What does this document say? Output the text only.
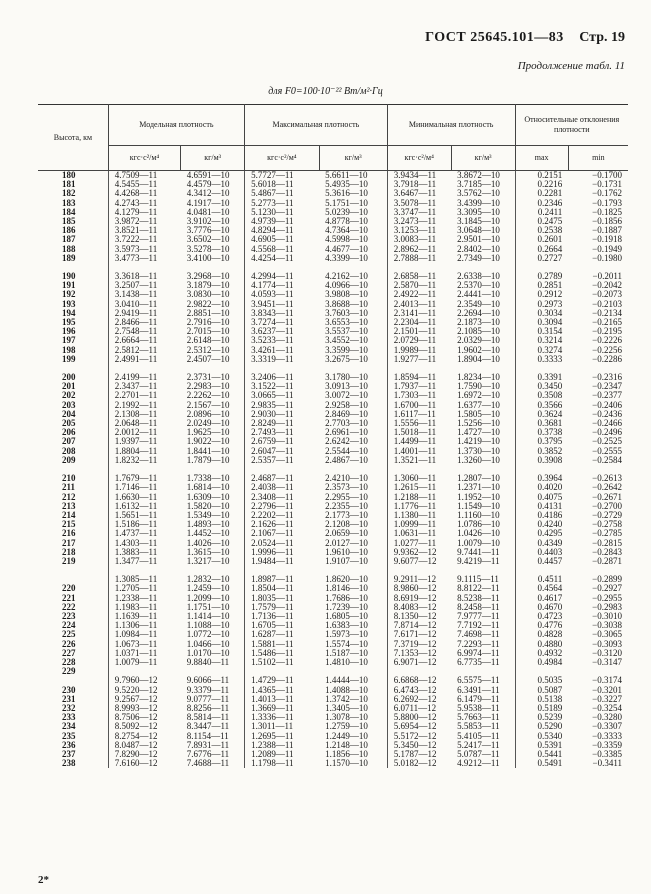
ГОСТ 25645.101—83 Стр. 19
Продолжение табл. 11
для F0=100·10⁻²² Вт/м²·Гц
Высота, км	Модельная плотность		Максимальная плотность		Минимальная плотность		Относительные отклонения плотности	
	кгс·с²/м⁴	кг/м³	кгс·с²/м⁴	кг/м³	кгс·с²/м⁴	кг/м³	max	min
180	4.7509—11	4.6591—10	5.7727—11	5.6611—10	3.9434—11	3.8672—10	0.2151	−0.1700
181	4.5455—11	4.4579—10	5.6018—11	5.4935—10	3.7918—11	3.7185—10	0.2216	−0.1731
182	4.4268—11	4.3412—10	5.4867—11	5.3616—10	3.6467—11	3.5762—10	0.2281	−0.1762
183	4.2743—11	4.1917—10	5.2773—11	5.1751—10	3.5078—11	3.4399—10	0.2346	−0.1793
184	4.1279—11	4.0481—10	5.1230—11	5.0239—10	3.3747—11	3.3095—10	0.2411	−0.1825
185	3.9872—11	3.9102—10	4.9739—11	4.8778—10	3.2473—11	3.1845—10	0.2475	−0.1856
186	3.8521—11	3.7776—10	4.8294—11	4.7364—10	3.1253—11	3.0648—10	0.2538	−0.1887
187	3.7222—11	3.6502—10	4.6905—11	4.5998—10	3.0083—11	2.9501—10	0.2601	−0.1918
188	3.5973—11	3.5278—10	4.5568—11	4.4677—10	2.8962—11	2.8402—10	0.2664	−0.1949
189	3.4773—11	3.4100—10	4.4254—11	4.3399—10	2.7888—11	2.7349—10	0.2727	−0.1980

190	3.3618—11	3.2968—10	4.2994—11	4.2162—10	2.6858—11	2.6338—10	0.2789	−0.2011
191	3.2507—11	3.1879—10	4.1774—11	4.0966—10	2.5870—11	2.5370—10	0.2851	−0.2042
192	3.1438—11	3.0830—10	4.0593—11	3.9808—10	2.4922—11	2.4441—10	0.2912	−0.2073
193	3.0410—11	2.9822—10	3.9451—11	3.8688—10	2.4013—11	2.3549—10	0.2973	−0.2103
194	2.9419—11	2.8851—10	3.8343—11	3.7603—10	2.3141—11	2.2694—10	0.3034	−0.2134
195	2.8466—11	2.7916—10	3.7274—11	3.6553—10	2.2304—11	2.1873—10	0.3094	−0.2165
196	2.7548—11	2.7015—10	3.6237—11	3.5537—10	2.1501—11	2.1085—10	0.3154	−0.2195
197	2.6664—11	2.6148—10	3.5233—11	3.4552—10	2.0729—11	2.0329—10	0.3214	−0.2226
198	2.5812—11	2.5312—10	3.4261—11	3.3599—10	1.9989—11	1.9602—10	0.3274	−0.2256
199	2.4991—11	2.4507—10	3.3319—11	3.2675—10	1.9277—11	1.8904—10	0.3333	−0.2286

200	2.4199—11	2.3731—10	3.2406—11	3.1780—10	1.8594—11	1.8234—10	0.3391	−0.2316
201	2.3437—11	2.2983—10	3.1522—11	3.0913—10	1.7937—11	1.7590—10	0.3450	−0.2347
202	2.2701—11	2.2262—10	3.0665—11	3.0072—10	1.7303—11	1.6972—10	0.3508	−0.2377
203	2.1992—11	2.1567—10	2.9835—11	2.9258—10	1.6700—11	1.6377—10	0.3566	−0.2406
204	2.1308—11	2.0896—10	2.9030—11	2.8469—10	1.6117—11	1.5805—10	0.3624	−0.2436
205	2.0648—11	2.0249—10	2.8249—11	2.7703—10	1.5556—11	1.5256—10	0.3681	−0.2466
206	2.0012—11	1.9625—10	2.7493—11	2.6961—10	1.5018—11	1.4727—10	0.3738	−0.2496
207	1.9397—11	1.9022—10	2.6759—11	2.6242—10	1.4499—11	1.4219—10	0.3795	−0.2525
208	1.8804—11	1.8441—10	2.6047—11	2.5544—10	1.4001—11	1.3730—10	0.3852	−0.2555
209	1.8232—11	1.7879—10	2.5357—11	2.4867—10	1.3521—11	1.3260—10	0.3908	−0.2584

210	1.7679—11	1.7338—10	2.4687—11	2.4210—10	1.3060—11	1.2807—10	0.3964	−0.2613
211	1.7146—11	1.6814—10	2.4038—11	2.3573—10	1.2615—11	1.2371—10	0.4020	−0.2642
212	1.6630—11	1.6309—10	2.3408—11	2.2955—10	1.2188—11	1.1952—10	0.4075	−0.2671
213	1.6132—11	1.5820—10	2.2796—11	2.2355—10	1.1776—11	1.1549—10	0.4131	−0.2700
214	1.5651—11	1.5349—10	2.2202—11	2.1773—10	1.1380—11	1.1160—10	0.4186	−0.2729
215	1.5186—11	1.4893—10	2.1626—11	2.1208—10	1.0999—11	1.0786—10	0.4240	−0.2758
216	1.4737—11	1.4452—10	2.1067—11	2.0659—10	1.0631—11	1.0426—10	0.4295	−0.2785
217	1.4303—11	1.4026—10	2.0524—11	2.0127—10	1.0277—11	1.0079—10	0.4349	−0.2815
218	1.3883—11	1.3615—10	1.9996—11	1.9610—10	9.9362—12	9.7441—11	0.4403	−0.2843
219	1.3477—11	1.3217—10	1.9484—11	1.9107—10	9.6077—12	9.4219—11	0.4457	−0.2871

	1.3085—11	1.2832—10	1.8987—11	1.8620—10	9.2911—12	9.1115—11	0.4511	−0.2899
220	1.2705—11	1.2459—10	1.8504—11	1.8146—10	8.9860—12	8.8122—11	0.4564	−0.2927
221	1.2338—11	1.2099—10	1.8035—11	1.7686—10	8.6919—12	8.5238—11	0.4617	−0.2955
222	1.1983—11	1.1751—10	1.7579—11	1.7239—10	8.4083—12	8.2458—11	0.4670	−0.2983
223	1.1639—11	1.1414—10	1.7136—11	1.6805—10	8.1350—12	7.9777—11	0.4723	−0.3010
224	1.1306—11	1.1088—10	1.6705—11	1.6383—10	7.8714—12	7.7192—11	0.4776	−0.3038
225	1.0984—11	1.0772—10	1.6287—11	1.5973—10	7.6171—12	7.4698—11	0.4828	−0.3065
226	1.0673—11	1.0466—10	1.5881—11	1.5574—10	7.3719—12	7.2293—11	0.4880	−0.3093
227	1.0371—11	1.0170—10	1.5486—11	1.5187—10	7.1353—12	6.9974—11	0.4932	−0.3120
228	1.0079—11	9.8840—11	1.5102—11	1.4810—10	6.9071—12	6.7735—11	0.4984	−0.3147
229								
	9.7960—12	9.6066—11	1.4729—11	1.4444—10	6.6868—12	6.5575—11	0.5035	−0.3174
230	9.5220—12	9.3379—11	1.4365—11	1.4088—10	6.4743—12	6.3491—11	0.5087	−0.3201
231	9.2567—12	9.0777—11	1.4013—11	1.3742—10	6.2692—12	6.1479—11	0.5138	−0.3227
232	8.9993—12	8.8256—11	1.3669—11	1.3405—10	6.0711—12	5.9538—11	0.5189	−0.3254
233	8.7506—12	8.5814—11	1.3336—11	1.3078—10	5.8800—12	5.7663—11	0.5239	−0.3280
234	8.5092—12	8.3447—11	1.3011—11	1.2759—10	5.6954—12	5.5853—11	0.5290	−0.3307
235	8.2754—12	8.1154—11	1.2695—11	1.2449—10	5.5172—12	5.4105—11	0.5340	−0.3333
236	8.0487—12	7.8931—11	1.2388—11	1.2148—10	5.3450—12	5.2417—11	0.5391	−0.3359
237	7.8290—12	7.6776—11	1.2089—11	1.1856—10	5.1787—12	5.0787—11	0.5441	−0.3385
238	7.6160—12	7.4688—11	1.1798—11	1.1570—10	5.0182—12	4.9212—11	0.5491	−0.3411
2*
